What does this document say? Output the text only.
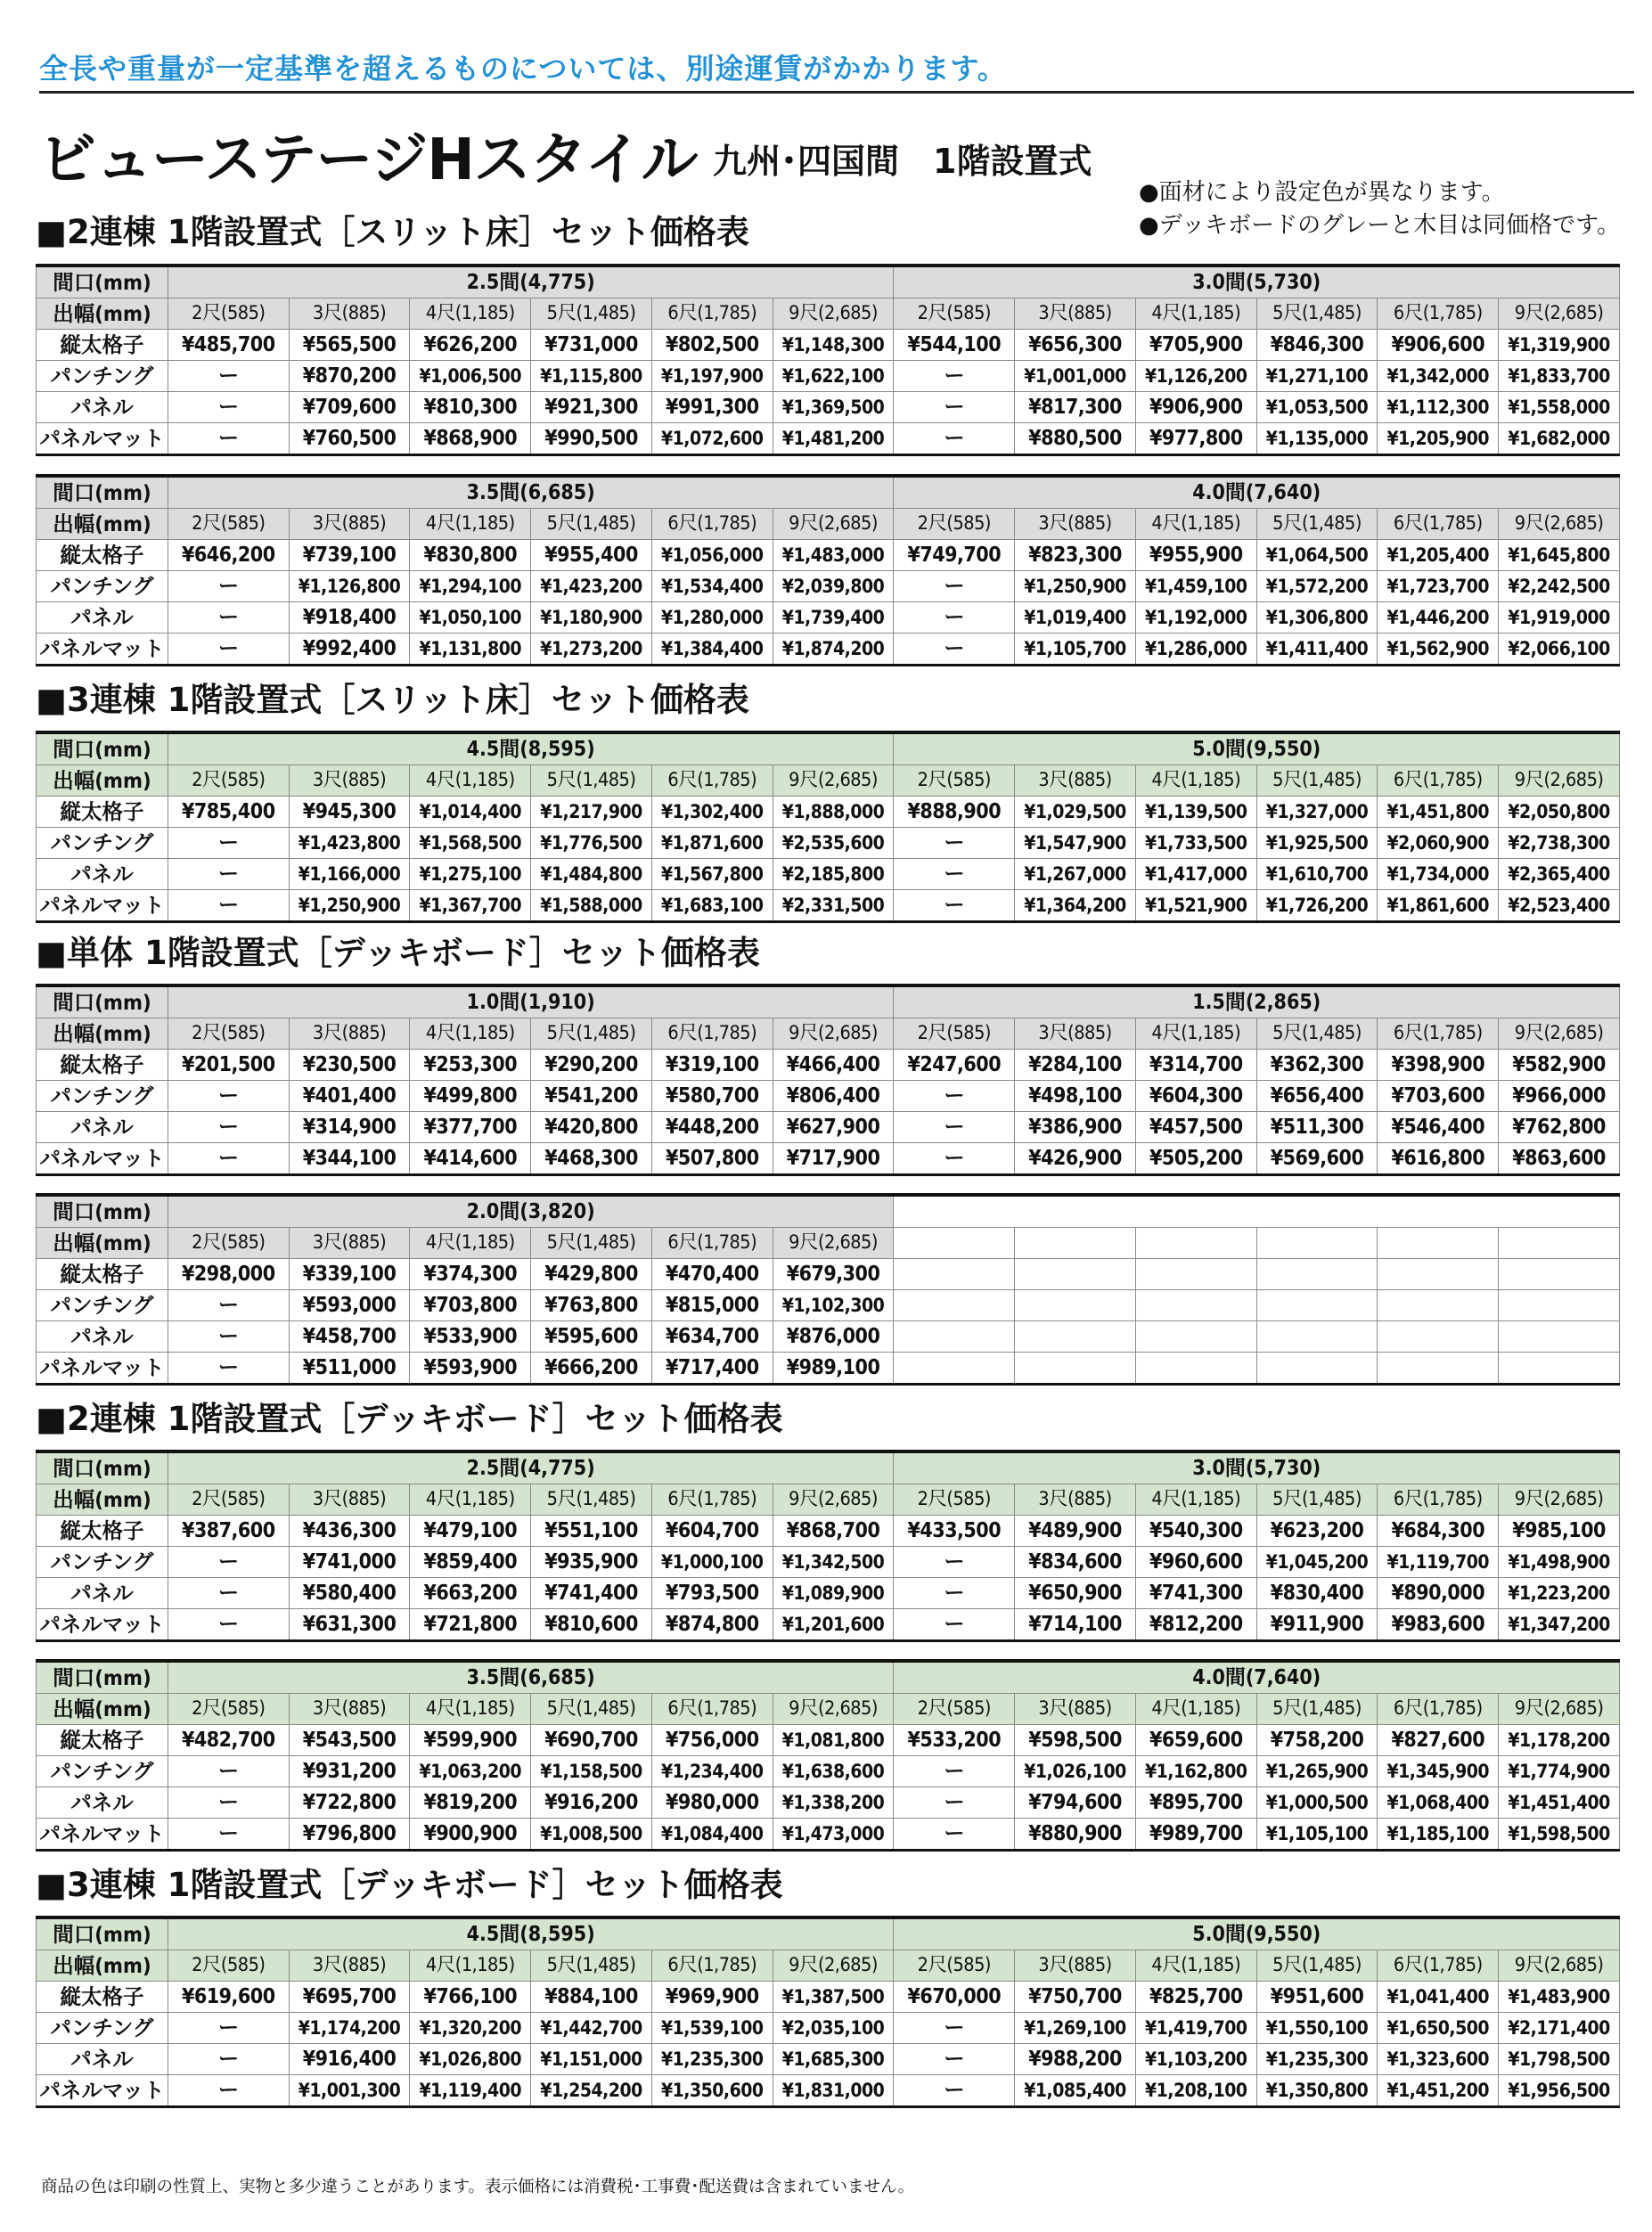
全長や重量が一定基準を超えるものについては、別途運賃がかかります。
ビューステージHスタイル 九州･四国間　1階設置式
●面材により設定色が異なります。
●デッキボードのグレーと木目は同価格です。
■2連棟 1階設置式［スリット床］セット価格表
間口(mm)	2.5間(4,775)						3.0間(5,730)					
出幅(mm)	2尺(585)	3尺(885)	4尺(1,185)	5尺(1,485)	6尺(1,785)	9尺(2,685)	2尺(585)	3尺(885)	4尺(1,185)	5尺(1,485)	6尺(1,785)	9尺(2,685)
縦太格子	¥485,700	¥565,500	¥626,200	¥731,000	¥802,500	¥1,148,300	¥544,100	¥656,300	¥705,900	¥846,300	¥906,600	¥1,319,900
パンチング	ー	¥870,200	¥1,006,500	¥1,115,800	¥1,197,900	¥1,622,100	ー	¥1,001,000	¥1,126,200	¥1,271,100	¥1,342,000	¥1,833,700
パネル	ー	¥709,600	¥810,300	¥921,300	¥991,300	¥1,369,500	ー	¥817,300	¥906,900	¥1,053,500	¥1,112,300	¥1,558,000
パネルマット	ー	¥760,500	¥868,900	¥990,500	¥1,072,600	¥1,481,200	ー	¥880,500	¥977,800	¥1,135,000	¥1,205,900	¥1,682,000
間口(mm)	3.5間(6,685)						4.0間(7,640)					
出幅(mm)	2尺(585)	3尺(885)	4尺(1,185)	5尺(1,485)	6尺(1,785)	9尺(2,685)	2尺(585)	3尺(885)	4尺(1,185)	5尺(1,485)	6尺(1,785)	9尺(2,685)
縦太格子	¥646,200	¥739,100	¥830,800	¥955,400	¥1,056,000	¥1,483,000	¥749,700	¥823,300	¥955,900	¥1,064,500	¥1,205,400	¥1,645,800
パンチング	ー	¥1,126,800	¥1,294,100	¥1,423,200	¥1,534,400	¥2,039,800	ー	¥1,250,900	¥1,459,100	¥1,572,200	¥1,723,700	¥2,242,500
パネル	ー	¥918,400	¥1,050,100	¥1,180,900	¥1,280,000	¥1,739,400	ー	¥1,019,400	¥1,192,000	¥1,306,800	¥1,446,200	¥1,919,000
パネルマット	ー	¥992,400	¥1,131,800	¥1,273,200	¥1,384,400	¥1,874,200	ー	¥1,105,700	¥1,286,000	¥1,411,400	¥1,562,900	¥2,066,100
■3連棟 1階設置式［スリット床］セット価格表
間口(mm)	4.5間(8,595)						5.0間(9,550)					
出幅(mm)	2尺(585)	3尺(885)	4尺(1,185)	5尺(1,485)	6尺(1,785)	9尺(2,685)	2尺(585)	3尺(885)	4尺(1,185)	5尺(1,485)	6尺(1,785)	9尺(2,685)
縦太格子	¥785,400	¥945,300	¥1,014,400	¥1,217,900	¥1,302,400	¥1,888,000	¥888,900	¥1,029,500	¥1,139,500	¥1,327,000	¥1,451,800	¥2,050,800
パンチング	ー	¥1,423,800	¥1,568,500	¥1,776,500	¥1,871,600	¥2,535,600	ー	¥1,547,900	¥1,733,500	¥1,925,500	¥2,060,900	¥2,738,300
パネル	ー	¥1,166,000	¥1,275,100	¥1,484,800	¥1,567,800	¥2,185,800	ー	¥1,267,000	¥1,417,000	¥1,610,700	¥1,734,000	¥2,365,400
パネルマット	ー	¥1,250,900	¥1,367,700	¥1,588,000	¥1,683,100	¥2,331,500	ー	¥1,364,200	¥1,521,900	¥1,726,200	¥1,861,600	¥2,523,400
■単体 1階設置式［デッキボード］セット価格表
間口(mm)	1.0間(1,910)						1.5間(2,865)					
出幅(mm)	2尺(585)	3尺(885)	4尺(1,185)	5尺(1,485)	6尺(1,785)	9尺(2,685)	2尺(585)	3尺(885)	4尺(1,185)	5尺(1,485)	6尺(1,785)	9尺(2,685)
縦太格子	¥201,500	¥230,500	¥253,300	¥290,200	¥319,100	¥466,400	¥247,600	¥284,100	¥314,700	¥362,300	¥398,900	¥582,900
パンチング	ー	¥401,400	¥499,800	¥541,200	¥580,700	¥806,400	ー	¥498,100	¥604,300	¥656,400	¥703,600	¥966,000
パネル	ー	¥314,900	¥377,700	¥420,800	¥448,200	¥627,900	ー	¥386,900	¥457,500	¥511,300	¥546,400	¥762,800
パネルマット	ー	¥344,100	¥414,600	¥468,300	¥507,800	¥717,900	ー	¥426,900	¥505,200	¥569,600	¥616,800	¥863,600
間口(mm)	2.0間(3,820)											
出幅(mm)	2尺(585)	3尺(885)	4尺(1,185)	5尺(1,485)	6尺(1,785)	9尺(2,685)						
縦太格子	¥298,000	¥339,100	¥374,300	¥429,800	¥470,400	¥679,300						
パンチング	ー	¥593,000	¥703,800	¥763,800	¥815,000	¥1,102,300						
パネル	ー	¥458,700	¥533,900	¥595,600	¥634,700	¥876,000						
パネルマット	ー	¥511,000	¥593,900	¥666,200	¥717,400	¥989,100						
■2連棟 1階設置式［デッキボード］セット価格表
間口(mm)	2.5間(4,775)						3.0間(5,730)					
出幅(mm)	2尺(585)	3尺(885)	4尺(1,185)	5尺(1,485)	6尺(1,785)	9尺(2,685)	2尺(585)	3尺(885)	4尺(1,185)	5尺(1,485)	6尺(1,785)	9尺(2,685)
縦太格子	¥387,600	¥436,300	¥479,100	¥551,100	¥604,700	¥868,700	¥433,500	¥489,900	¥540,300	¥623,200	¥684,300	¥985,100
パンチング	ー	¥741,000	¥859,400	¥935,900	¥1,000,100	¥1,342,500	ー	¥834,600	¥960,600	¥1,045,200	¥1,119,700	¥1,498,900
パネル	ー	¥580,400	¥663,200	¥741,400	¥793,500	¥1,089,900	ー	¥650,900	¥741,300	¥830,400	¥890,000	¥1,223,200
パネルマット	ー	¥631,300	¥721,800	¥810,600	¥874,800	¥1,201,600	ー	¥714,100	¥812,200	¥911,900	¥983,600	¥1,347,200
間口(mm)	3.5間(6,685)						4.0間(7,640)					
出幅(mm)	2尺(585)	3尺(885)	4尺(1,185)	5尺(1,485)	6尺(1,785)	9尺(2,685)	2尺(585)	3尺(885)	4尺(1,185)	5尺(1,485)	6尺(1,785)	9尺(2,685)
縦太格子	¥482,700	¥543,500	¥599,900	¥690,700	¥756,000	¥1,081,800	¥533,200	¥598,500	¥659,600	¥758,200	¥827,600	¥1,178,200
パンチング	ー	¥931,200	¥1,063,200	¥1,158,500	¥1,234,400	¥1,638,600	ー	¥1,026,100	¥1,162,800	¥1,265,900	¥1,345,900	¥1,774,900
パネル	ー	¥722,800	¥819,200	¥916,200	¥980,000	¥1,338,200	ー	¥794,600	¥895,700	¥1,000,500	¥1,068,400	¥1,451,400
パネルマット	ー	¥796,800	¥900,900	¥1,008,500	¥1,084,400	¥1,473,000	ー	¥880,900	¥989,700	¥1,105,100	¥1,185,100	¥1,598,500
■3連棟 1階設置式［デッキボード］セット価格表
間口(mm)	4.5間(8,595)						5.0間(9,550)					
出幅(mm)	2尺(585)	3尺(885)	4尺(1,185)	5尺(1,485)	6尺(1,785)	9尺(2,685)	2尺(585)	3尺(885)	4尺(1,185)	5尺(1,485)	6尺(1,785)	9尺(2,685)
縦太格子	¥619,600	¥695,700	¥766,100	¥884,100	¥969,900	¥1,387,500	¥670,000	¥750,700	¥825,700	¥951,600	¥1,041,400	¥1,483,900
パンチング	ー	¥1,174,200	¥1,320,200	¥1,442,700	¥1,539,100	¥2,035,100	ー	¥1,269,100	¥1,419,700	¥1,550,100	¥1,650,500	¥2,171,400
パネル	ー	¥916,400	¥1,026,800	¥1,151,000	¥1,235,300	¥1,685,300	ー	¥988,200	¥1,103,200	¥1,235,300	¥1,323,600	¥1,798,500
パネルマット	ー	¥1,001,300	¥1,119,400	¥1,254,200	¥1,350,600	¥1,831,000	ー	¥1,085,400	¥1,208,100	¥1,350,800	¥1,451,200	¥1,956,500
商品の色は印刷の性質上、実物と多少違うことがあります。表示価格には消費税･工事費･配送費は含まれていません。
